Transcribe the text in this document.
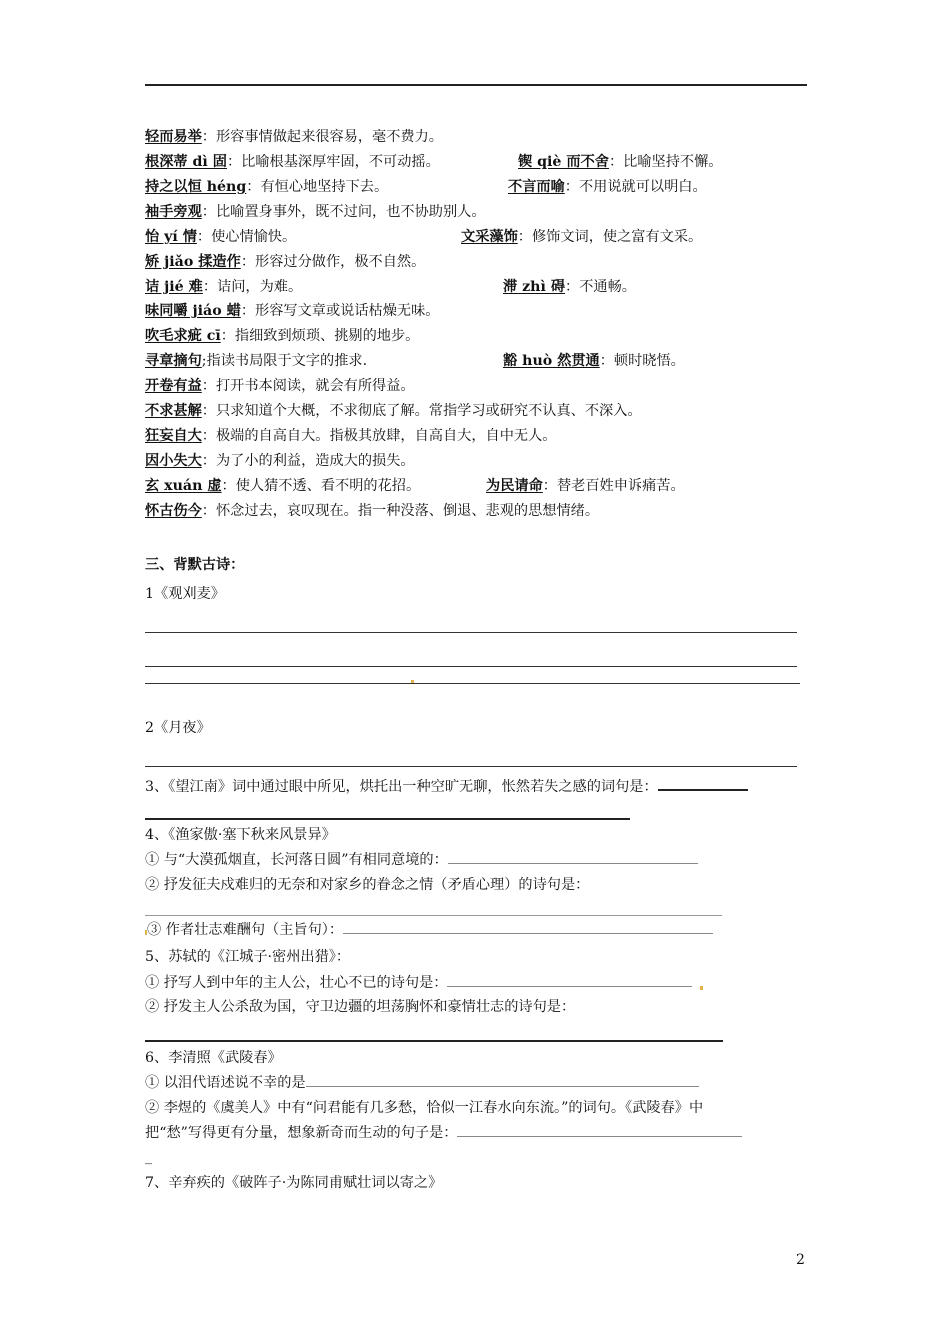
轻而易举：形容事情做起来很容易，毫不费力。
根深蒂 dì 固：比喻根基深厚牢固，不可动摇。	锲 qiè 而不舍：比喻坚持不懈。
持之以恒 héng：有恒心地坚持下去。	不言而喻：不用说就可以明白。
袖手旁观：比喻置身事外，既不过问，也不协助别人。
怡 yí 情：使心情愉快。	文采藻饰：修饰文词，使之富有文采。
矫 jiǎo 揉造作：形容过分做作，极不自然。
诘 jié 难：诘问，为难。	滞 zhì 碍：不通畅。
味同嚼 jiáo 蜡：形容写文章或说话枯燥无味。
吹毛求疵 cī：指细致到烦琐、挑剔的地步。
寻章摘句;指读书局限于文字的推求.	豁 huò 然贯通：顿时晓悟。
开卷有益：打开书本阅读，就会有所得益。
不求甚解：只求知道个大概，不求彻底了解。常指学习或研究不认真、不深入。
狂妄自大：极端的自高自大。指极其放肆，自高自大，自中无人。
因小失大：为了小的利益，造成大的损失。
玄 xuán 虚：使人猜不透、看不明的花招。	为民请命：替老百姓申诉痛苦。
怀古伤今：怀念过去，哀叹现在。指一种没落、倒退、悲观的思想情绪。
三、背默古诗：
1《观刈麦》
2《月夜》
3、《望江南》词中通过眼中所见，烘托出一种空旷无聊，怅然若失之感的词句是：
4、《渔家傲·塞下秋来风景异》
① 与“大漠孤烟直，长河落日圆”有相同意境的：
② 抒发征夫戍难归的无奈和对家乡的眷念之情（矛盾心理）的诗句是：
③ 作者壮志难酬句（主旨句）：
5、苏轼的《江城子·密州出猎》：
① 抒写人到中年的主人公，壮心不已的诗句是：
② 抒发主人公杀敌为国，守卫边疆的坦荡胸怀和豪情壮志的诗句是：
6、李清照《武陵春》
① 以泪代语述说不幸的是
② 李煜的《虞美人》中有“问君能有几多愁，恰似一江春水向东流。”的词句。《武陵春》中
把“愁”写得更有分量，想象新奇而生动的句子是：
_
7、辛弃疾的《破阵子·为陈同甫赋壮词以寄之》
2
